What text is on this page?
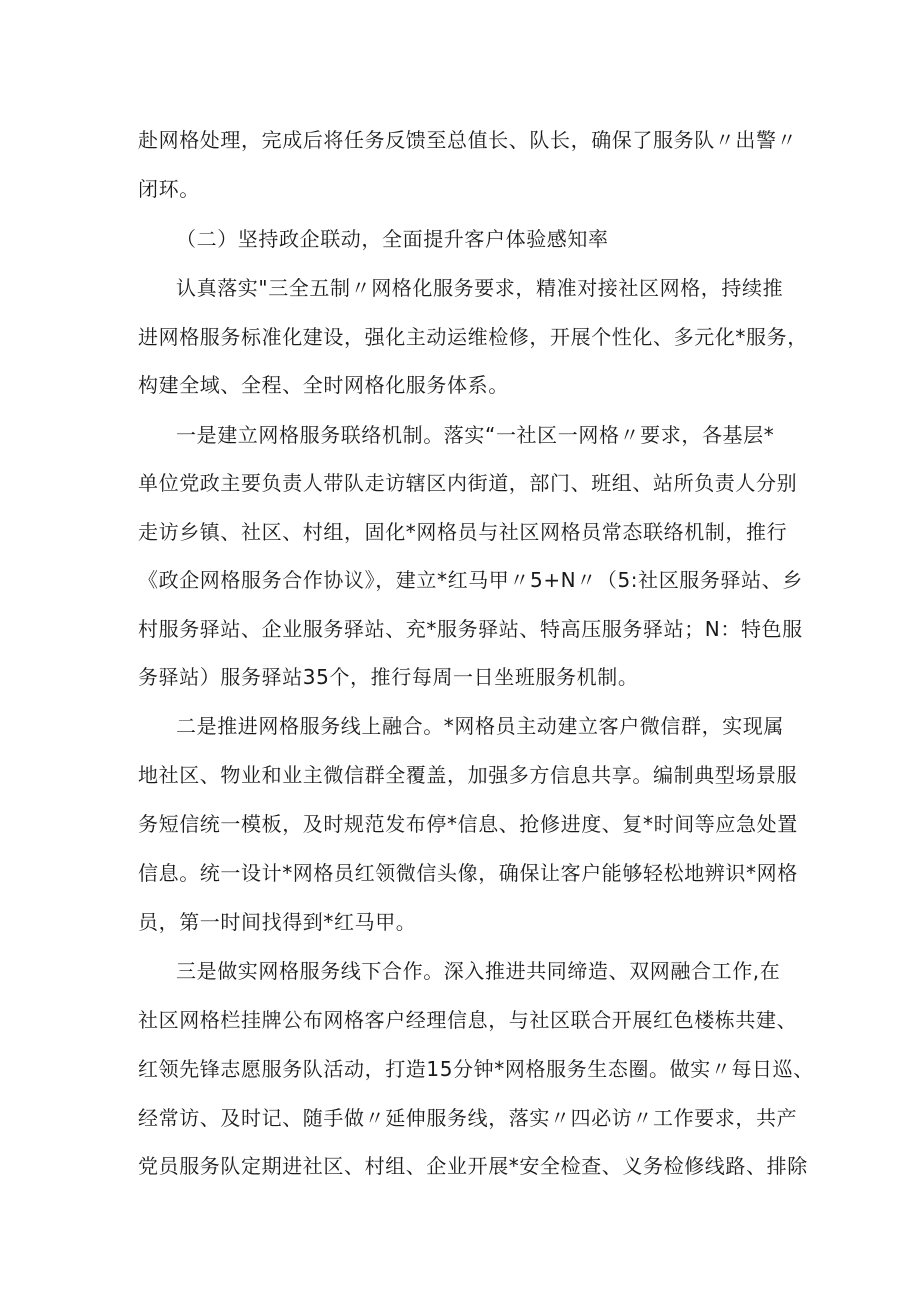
赴网格处理，完成后将任务反馈至总值长、队长，确保了服务队〃出警〃

闭环。

（二）坚持政企联动，全面提升客户体验感知率

认真落实"三全五制〃网格化服务要求，精准对接社区网格，持续推

进网格服务标准化建设，强化主动运维检修，开展个性化、多元化*服务，

构建全域、全程、全时网格化服务体系。

一是建立网格服务联络机制。落实“一社区一网格〃要求，各基层*

单位党政主要负责人带队走访辖区内街道，部门、班组、站所负责人分别

走访乡镇、社区、村组，固化*网格员与社区网格员常态联络机制，推行

《政企网格服务合作协议》，建立*红马甲〃5+N〃（5:社区服务驿站、乡

村服务驿站、企业服务驿站、充*服务驿站、特高压服务驿站；N：特色服

务驿站）服务驿站35个，推行每周一日坐班服务机制。

二是推进网格服务线上融合。*网格员主动建立客户微信群，实现属

地社区、物业和业主微信群全覆盖，加强多方信息共享。编制典型场景服

务短信统一模板，及时规范发布停*信息、抢修进度、复*时间等应急处置

信息。统一设计*网格员红领微信头像，确保让客户能够轻松地辨识*网格

员，第一时间找得到*红马甲。

三是做实网格服务线下合作。深入推进共同缔造、双网融合工作,在

社区网格栏挂牌公布网格客户经理信息，与社区联合开展红色楼栋共建、

红领先锋志愿服务队活动，打造15分钟*网格服务生态圈。做实〃每日巡、

经常访、及时记、随手做〃延伸服务线，落实〃四必访〃工作要求，共产

党员服务队定期进社区、村组、企业开展*安全检查、义务检修线路、排除
